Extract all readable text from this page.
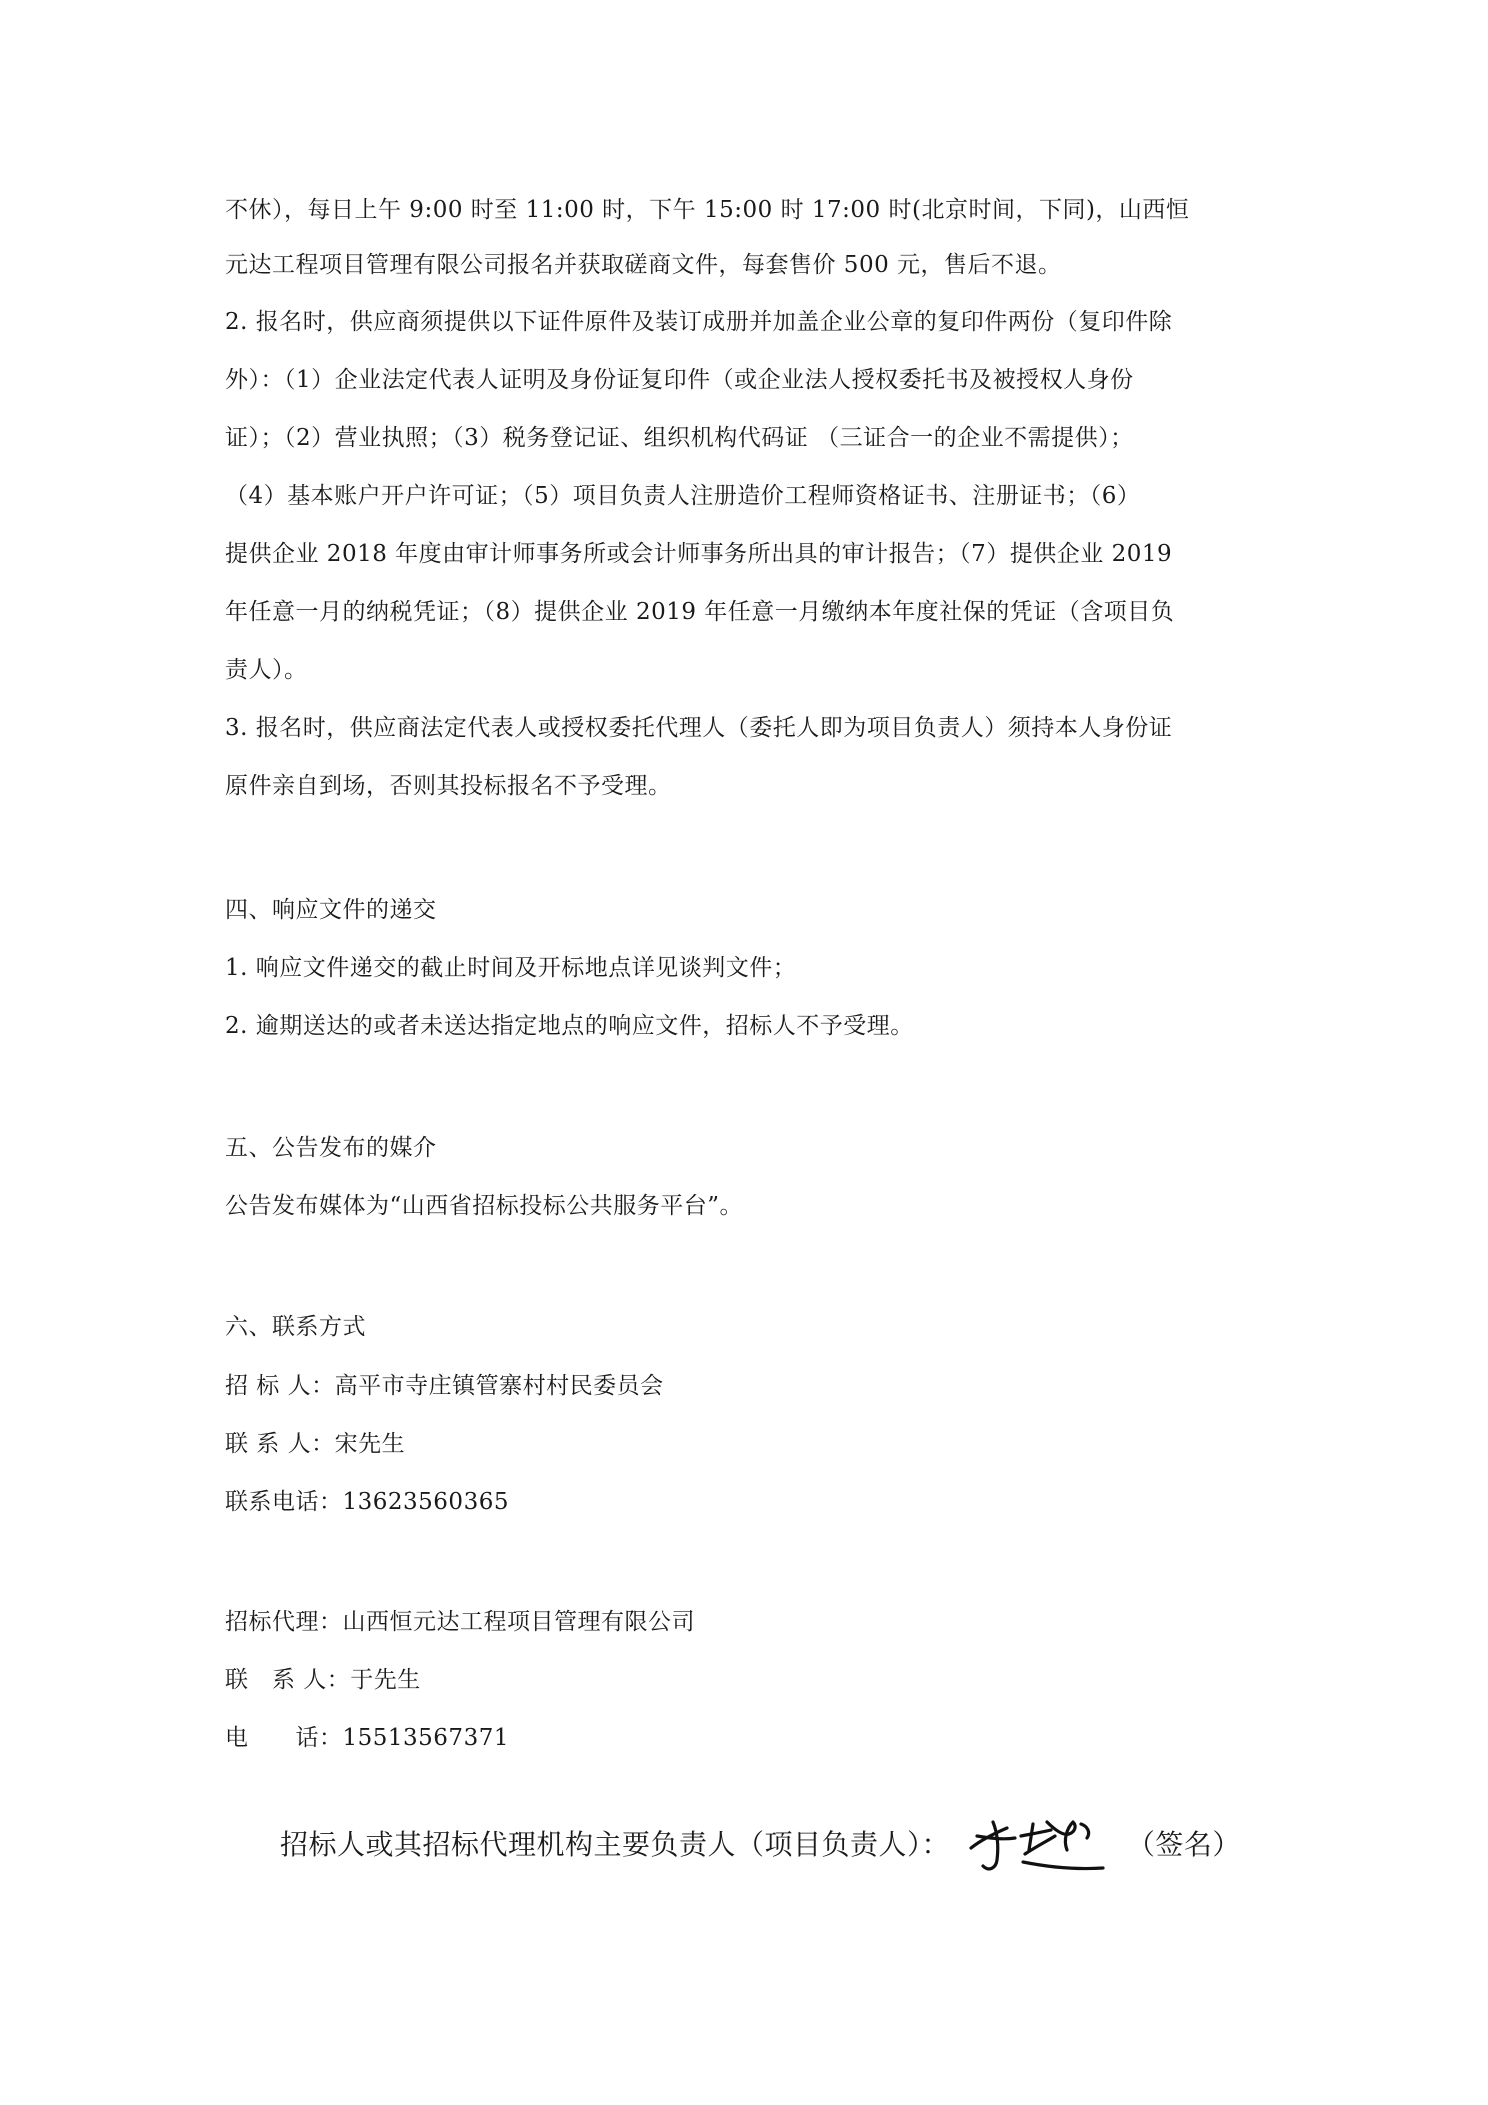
不休），每日上午 9:00 时至 11:00 时，下午 15:00 时 17:00 时(北京时间，下同)，山西恒
元达工程项目管理有限公司报名并获取磋商文件，每套售价 500 元，售后不退。
2. 报名时，供应商须提供以下证件原件及装订成册并加盖企业公章的复印件两份（复印件除
外）：（1）企业法定代表人证明及身份证复印件（或企业法人授权委托书及被授权人身份
证）；（2）营业执照；（3）税务登记证、组织机构代码证 （三证合一的企业不需提供）；
（4）基本账户开户许可证；（5）项目负责人注册造价工程师资格证书、注册证书；（6）
提供企业 2018 年度由审计师事务所或会计师事务所出具的审计报告；（7）提供企业 2019
年任意一月的纳税凭证；（8）提供企业 2019 年任意一月缴纳本年度社保的凭证（含项目负
责人）。
3. 报名时，供应商法定代表人或授权委托代理人（委托人即为项目负责人）须持本人身份证
原件亲自到场，否则其投标报名不予受理。
四、响应文件的递交
1. 响应文件递交的截止时间及开标地点详见谈判文件；
2. 逾期送达的或者未送达指定地点的响应文件，招标人不予受理。
五、公告发布的媒介
公告发布媒体为“山西省招标投标公共服务平台”。
六、联系方式
招 标 人：高平市寺庄镇管寨村村民委员会
联 系 人：宋先生
联系电话：13623560365
招标代理：山西恒元达工程项目管理有限公司
联　系 人：于先生
电　　话：15513567371
招标人或其招标代理机构主要负责人（项目负责人）：	（签名）
